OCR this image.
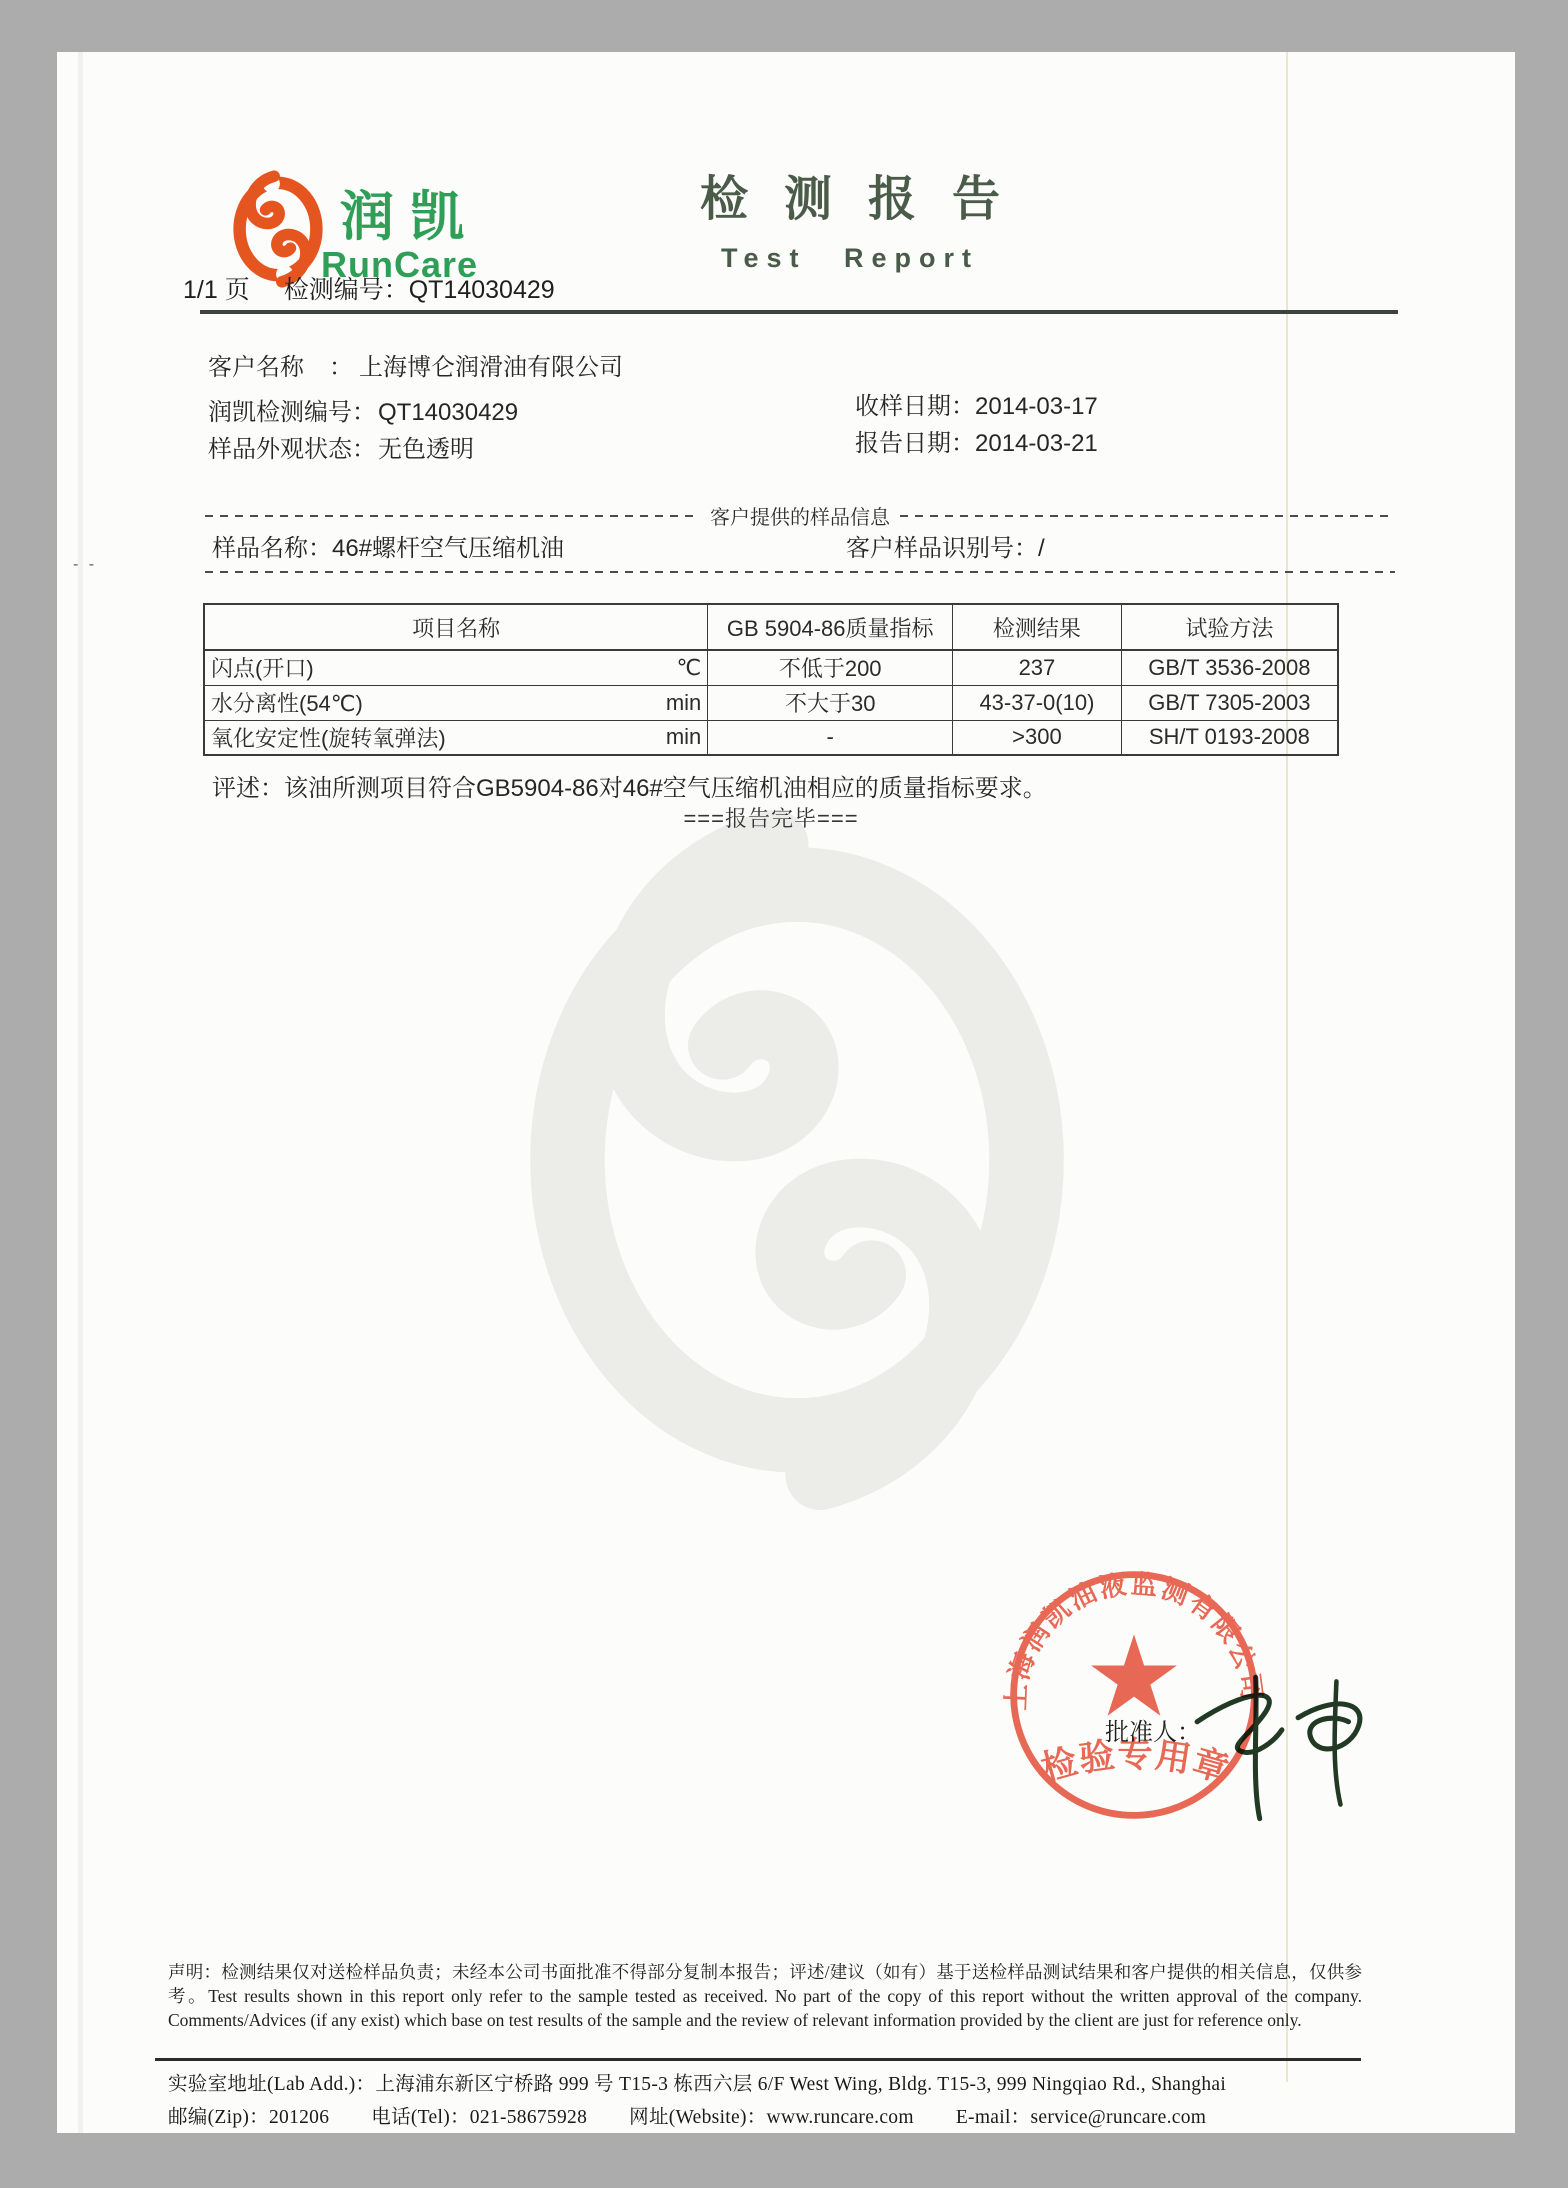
- -
润凯
RunCare
1/1 页 检测编号：QT14030429
检测报告
Test Report
客户名称 ： 上海博仑润滑油有限公司
润凯检测编号：QT14030429
样品外观状态：无色透明
收样日期：2014-03-17
报告日期：2014-03-21
客户提供的样品信息
样品名称：46#螺杆空气压缩机油	客户样品识别号：/
项目名称	GB 5904-86质量指标	检测结果	试验方法

闪点(开口) ℃	不低于200	237	GB/T 3536-2008

水分离性(54℃) min	不大于30	43-37-0(10)	GB/T 7305-2003

氧化安定性(旋转氧弹法) min	-	>300	SH/T 0193-2008
评述：该油所测项目符合GB5904-86对46#空气压缩机油相应的质量指标要求。
===报告完毕===
上海润凯油液监测有限公司
检验专用章
批准人：
声明：检测结果仅对送检样品负责；未经本公司书面批准不得部分复制本报告；评述/建议（如有）基于送检样品测试结果和客户提供的相关信息，仅供参考。Test results shown in this report only refer to the sample tested as received. No part of the copy of this report without the written approval of the company. Comments/Advices (if any exist) which base on test results of the sample and the review of relevant information provided by the client are just for reference only.
实验室地址(Lab Add.)：上海浦东新区宁桥路 999 号 T15-3 栋西六层 6/F West Wing, Bldg. T15-3, 999 Ningqiao Rd., Shanghai
邮编(Zip)：201206 电话(Tel)：021-58675928 网址(Website)：www.runcare.com E-mail：service@runcare.com
